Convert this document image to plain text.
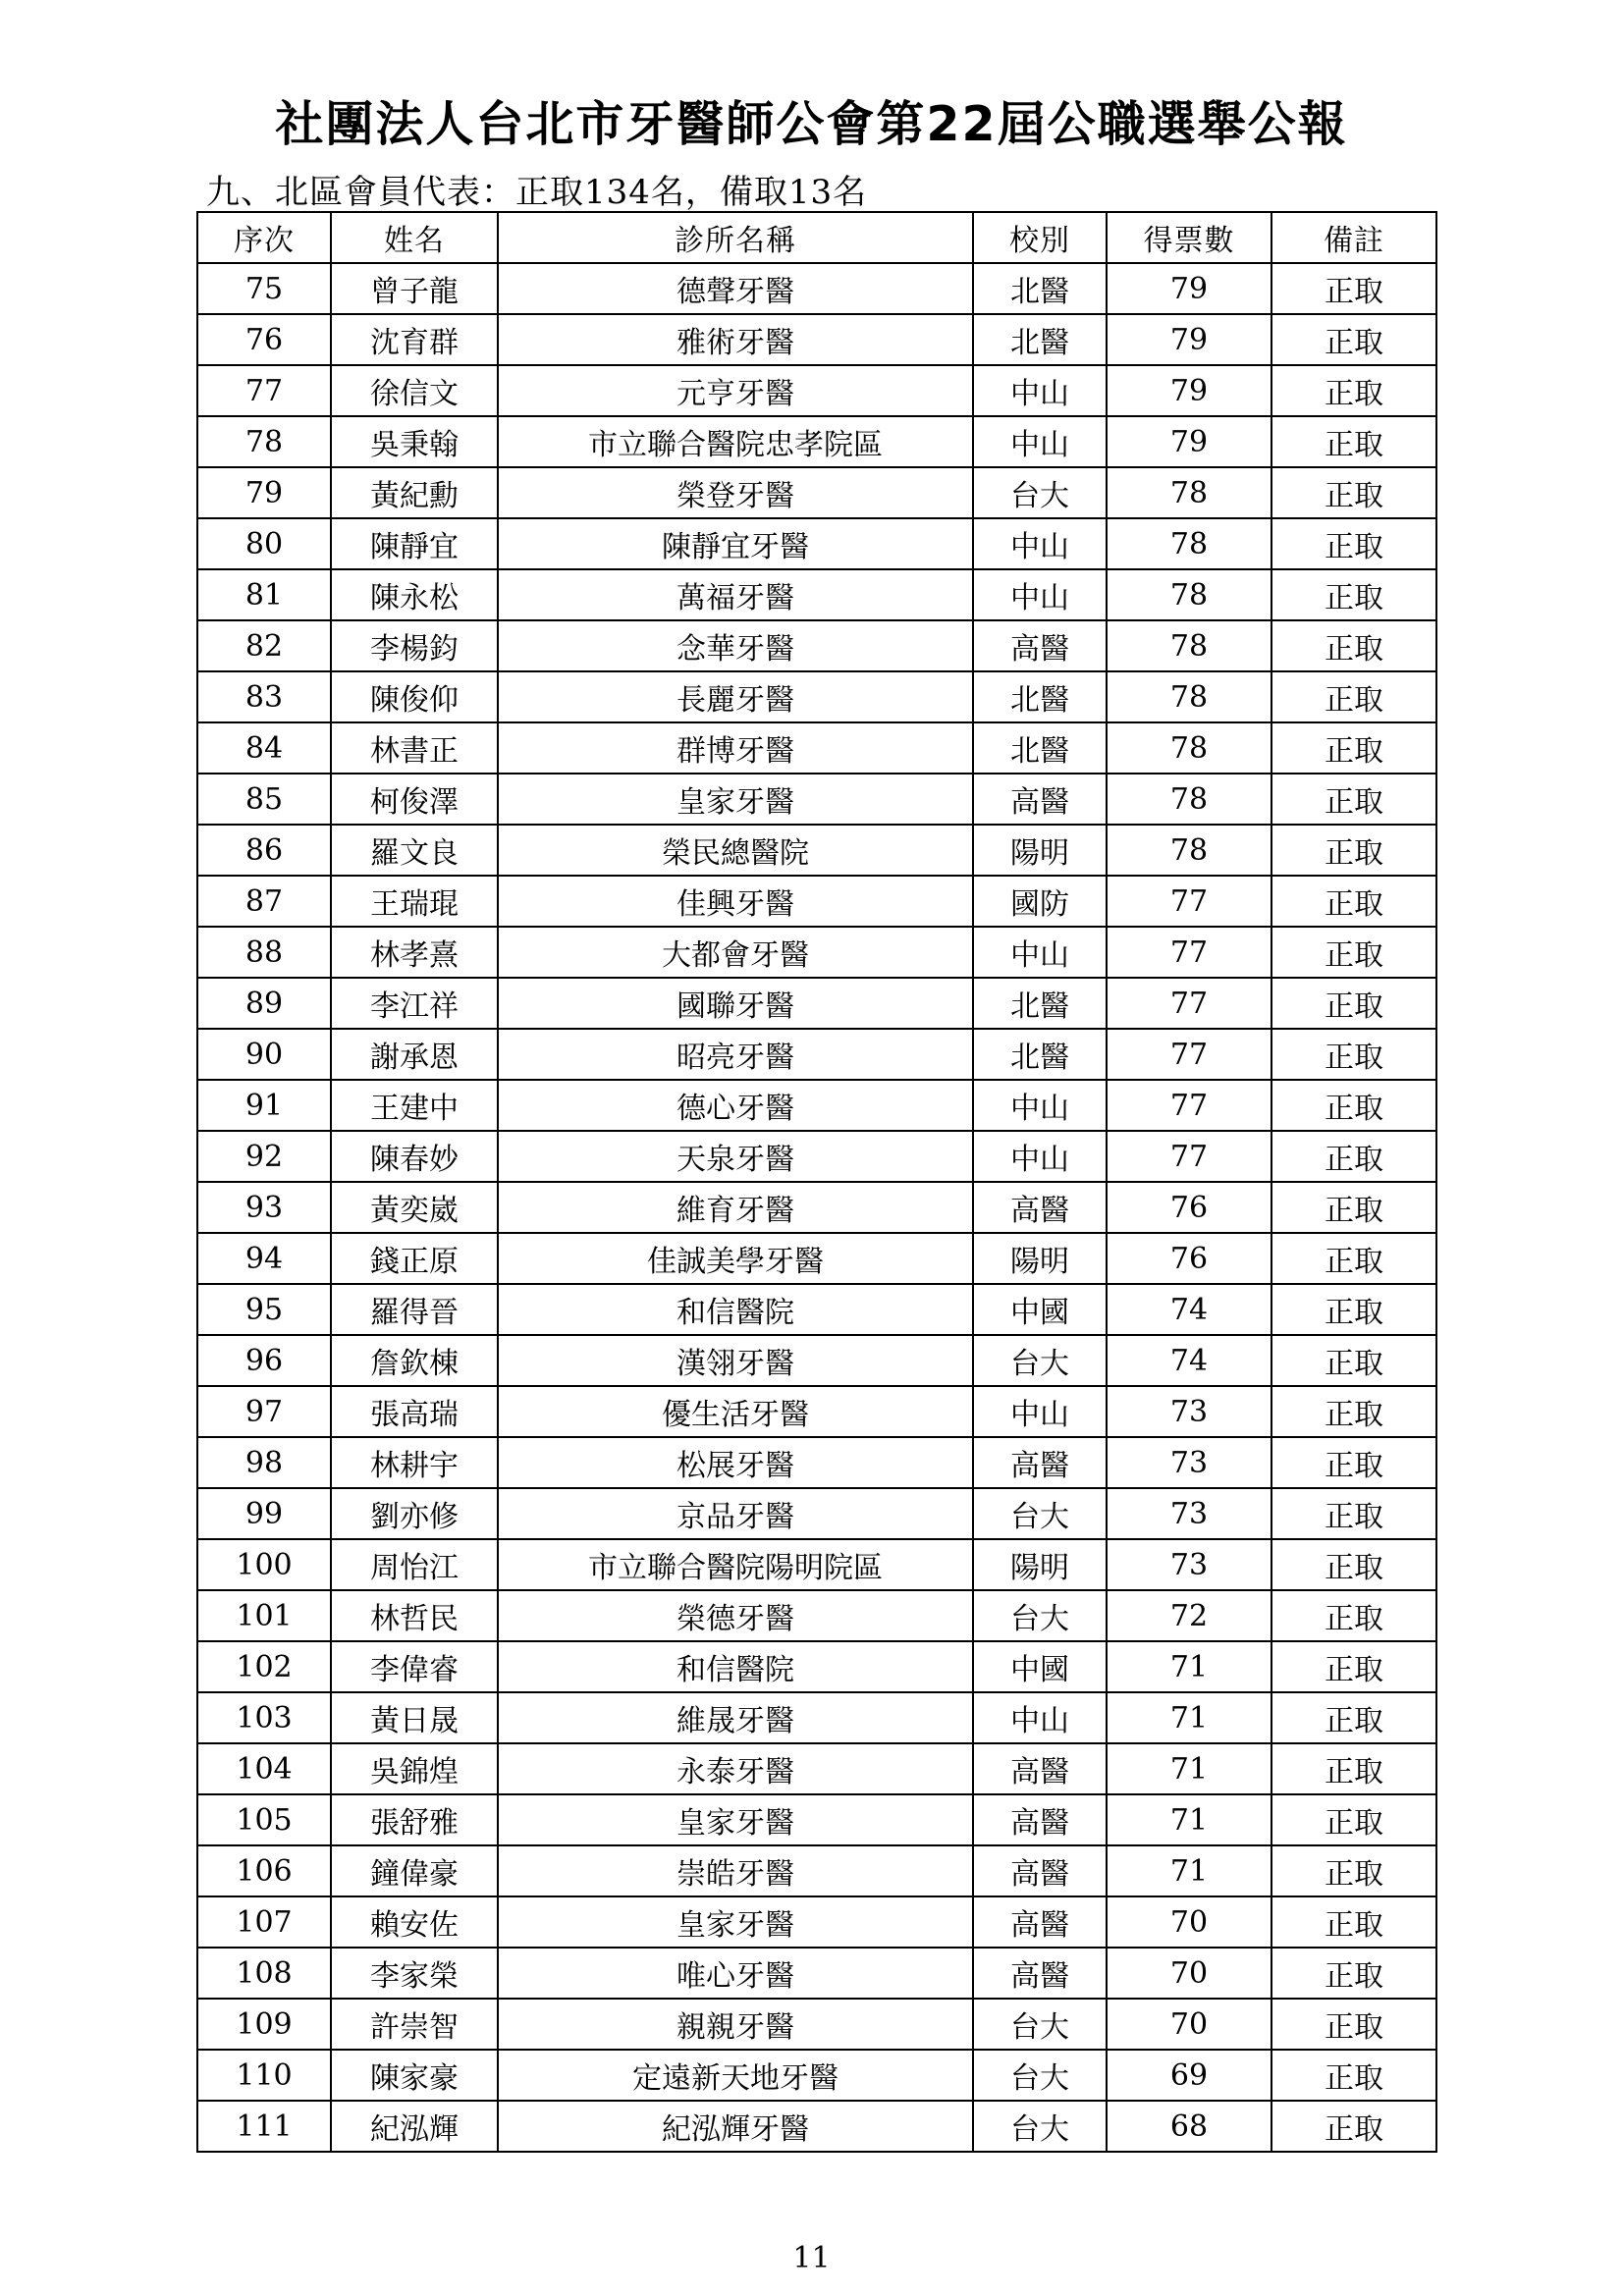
社團法人台北市牙醫師公會第22屆公職選舉公報
九、北區會員代表：正取134名，備取13名
序次	姓名	診所名稱	校別	得票數	備註
75	曾子龍	德聲牙醫	北醫	79	正取
76	沈育群	雅術牙醫	北醫	79	正取
77	徐信文	元亨牙醫	中山	79	正取
78	吳秉翰	市立聯合醫院忠孝院區	中山	79	正取
79	黃紀勳	榮登牙醫	台大	78	正取
80	陳靜宜	陳靜宜牙醫	中山	78	正取
81	陳永松	萬福牙醫	中山	78	正取
82	李楊鈞	念華牙醫	高醫	78	正取
83	陳俊仰	長麗牙醫	北醫	78	正取
84	林書正	群博牙醫	北醫	78	正取
85	柯俊澤	皇家牙醫	高醫	78	正取
86	羅文良	榮民總醫院	陽明	78	正取
87	王瑞琨	佳興牙醫	國防	77	正取
88	林孝熹	大都會牙醫	中山	77	正取
89	李江祥	國聯牙醫	北醫	77	正取
90	謝承恩	昭亮牙醫	北醫	77	正取
91	王建中	德心牙醫	中山	77	正取
92	陳春妙	天泉牙醫	中山	77	正取
93	黃奕崴	維育牙醫	高醫	76	正取
94	錢正原	佳誠美學牙醫	陽明	76	正取
95	羅得晉	和信醫院	中國	74	正取
96	詹欽棟	漢翎牙醫	台大	74	正取
97	張高瑞	優生活牙醫	中山	73	正取
98	林耕宇	松展牙醫	高醫	73	正取
99	劉亦修	京品牙醫	台大	73	正取
100	周怡江	市立聯合醫院陽明院區	陽明	73	正取
101	林哲民	榮德牙醫	台大	72	正取
102	李偉睿	和信醫院	中國	71	正取
103	黃日晟	維晟牙醫	中山	71	正取
104	吳錦煌	永泰牙醫	高醫	71	正取
105	張舒雅	皇家牙醫	高醫	71	正取
106	鐘偉豪	崇皓牙醫	高醫	71	正取
107	賴安佐	皇家牙醫	高醫	70	正取
108	李家榮	唯心牙醫	高醫	70	正取
109	許崇智	親親牙醫	台大	70	正取
110	陳家豪	定遠新天地牙醫	台大	69	正取
111	紀泓輝	紀泓輝牙醫	台大	68	正取
11
